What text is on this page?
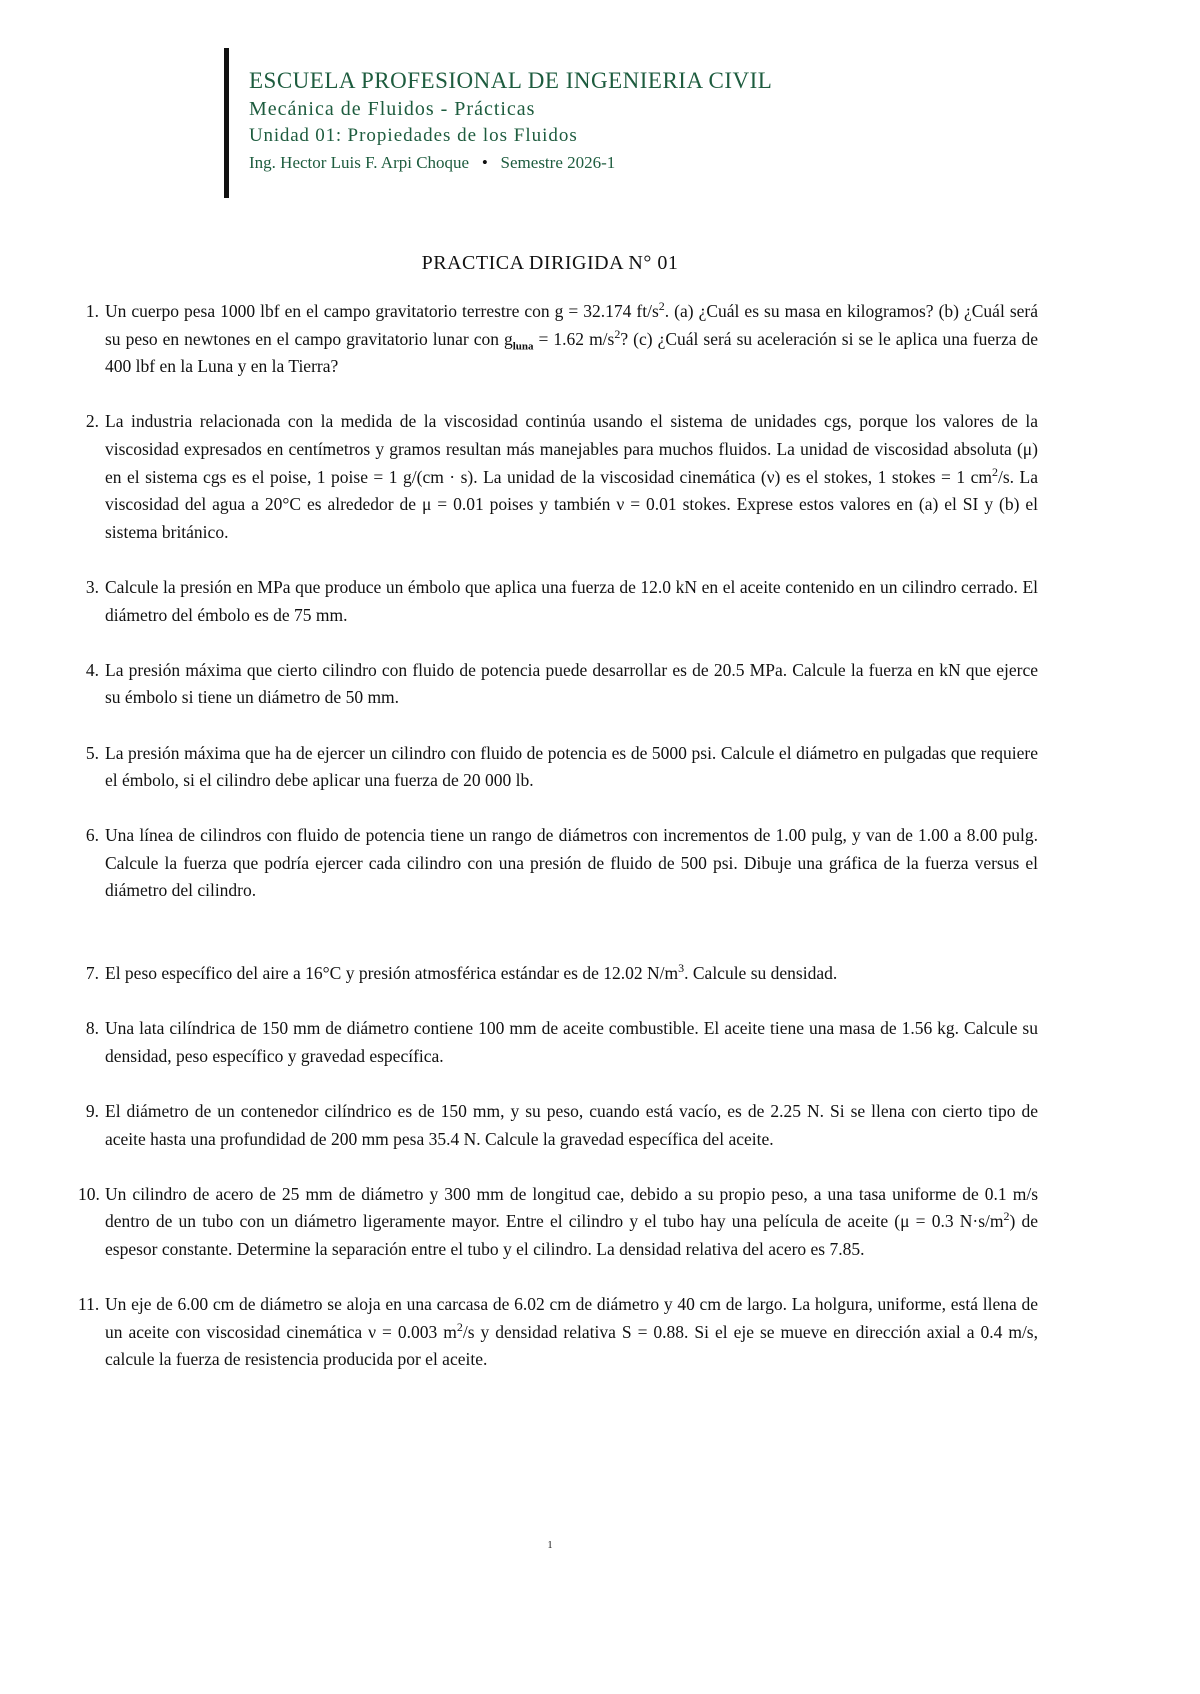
ESCUELA PROFESIONAL DE INGENIERIA CIVIL
Mecánica de Fluidos - Prácticas
Unidad 01: Propiedades de los Fluidos
Ing. Hector Luis F. Arpi Choque • Semestre 2026-1
PRACTICA DIRIGIDA N° 01
1. Un cuerpo pesa 1000 lbf en el campo gravitatorio terrestre con g = 32.174 $ft/s^2$. (a) ¿Cuál es su masa en kilogramos? (b) ¿Cuál será su peso en newtones en el campo gravitatorio lunar con $g_{luna} = 1.62$ $m/s^2$? (c) ¿Cuál será su aceleración si se le aplica una fuerza de 400 lbf en la Luna y en la Tierra?
2. La industria relacionada con la medida de la viscosidad continúa usando el sistema de unidades cgs, porque los valores de la viscosidad expresados en centímetros y gramos resultan más manejables para muchos fluidos. La unidad de viscosidad absoluta (μ) en el sistema cgs es el poise, 1 poise = 1 g/(cm · s). La unidad de la viscosidad cinemática (ν) es el stokes, 1 stokes = 1 $cm^2/s$. La viscosidad del agua a 20°C es alrededor de μ = 0.01 poises y también ν = 0.01 stokes. Exprese estos valores en (a) el SI y (b) el sistema británico.
3. Calcule la presión en MPa que produce un émbolo que aplica una fuerza de 12.0 kN en el aceite contenido en un cilindro cerrado. El diámetro del émbolo es de 75 mm.
4. La presión máxima que cierto cilindro con fluido de potencia puede desarrollar es de 20.5 MPa. Calcule la fuerza en kN que ejerce su émbolo si tiene un diámetro de 50 mm.
5. La presión máxima que ha de ejercer un cilindro con fluido de potencia es de 5000 psi. Calcule el diámetro en pulgadas que requiere el émbolo, si el cilindro debe aplicar una fuerza de 20 000 lb.
6. Una línea de cilindros con fluido de potencia tiene un rango de diámetros con incrementos de 1.00 pulg, y van de 1.00 a 8.00 pulg. Calcule la fuerza que podría ejercer cada cilindro con una presión de fluido de 500 psi. Dibuje una gráfica de la fuerza versus el diámetro del cilindro.
7. El peso específico del aire a 16°C y presión atmosférica estándar es de 12.02 $N/m^3$. Calcule su densidad.
8. Una lata cilíndrica de 150 mm de diámetro contiene 100 mm de aceite combustible. El aceite tiene una masa de 1.56 kg. Calcule su densidad, peso específico y gravedad específica.
9. El diámetro de un contenedor cilíndrico es de 150 mm, y su peso, cuando está vacío, es de 2.25 N. Si se llena con cierto tipo de aceite hasta una profundidad de 200 mm pesa 35.4 N. Calcule la gravedad específica del aceite.
10. Un cilindro de acero de 25 mm de diámetro y 300 mm de longitud cae, debido a su propio peso, a una tasa uniforme de 0.1 m/s dentro de un tubo con un diámetro ligeramente mayor. Entre el cilindro y el tubo hay una película de aceite (μ = 0.3 $N\cdot s/m^2$) de espesor constante. Determine la separación entre el tubo y el cilindro. La densidad relativa del acero es 7.85.
11. Un eje de 6.00 cm de diámetro se aloja en una carcasa de 6.02 cm de diámetro y 40 cm de largo. La holgura, uniforme, está llena de un aceite con viscosidad cinemática ν = 0.003 $m^2/s$ y densidad relativa S = 0.88. Si el eje se mueve en dirección axial a 0.4 m/s, calcule la fuerza de resistencia producida por el aceite.
1
